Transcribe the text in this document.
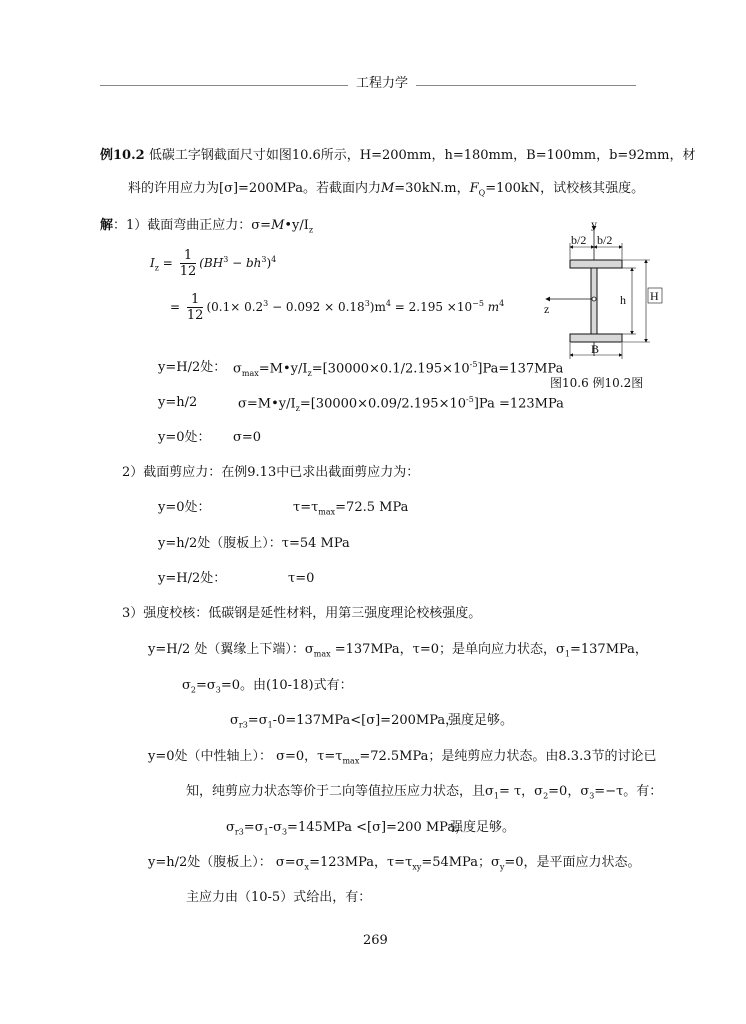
工程力学
例10.2 低碳工字钢截面尺寸如图10.6所示，H=200mm，h=180mm，B=100mm，b=92mm，材
料的许用应力为[σ]=200MPa。若截面内力M=30kN.m，$F_Q=100kN$，试校核其强度。
解：1）截面弯曲正应力：$\sigma=M•y/I_z$
$I_z = \frac{1}{12} (BH^3 - bh^3)^4$
= $\frac{1}{12} (0.1\times 0.2^3 - 0.092 \times 0.18^3)m^4 = 2.195 \times 10^{-5}$ $m^4$
y=H/2处： $\sigma_{max}=M•y/I_z=[30000\times 0.1/2.195\times 10^{-5}]Pa=137MPa$
y=h/2	$\sigma=M•y/I_z=[30000\times 0.09/2.195\times 10^{-5}]Pa =123MPa$
y=0处： σ=0
2）截面剪应力：在例9.13中已求出截面剪应力为：
y=0处：	$\tau=\tau_{max}=72.5$ MPa
y=h/2处（腹板上）：τ=54 MPa
y=H/2处：	τ=0
3）强度校核：低碳钢是延性材料，用第三强度理论校核强度。
y=H/2 处（翼缘上下端）：$\sigma_{max} =137MPa$，τ=0；是单向应力状态，$\sigma_1=137MPa$，
$\sigma_2=\sigma_3=0$。由(10-18)式有：
$\sigma_{r3}=\sigma_1-0=137MPa<[\sigma]=200MPa$，
强度足够。
y=0处（中性轴上）： σ=0，$\tau=\tau_{max}=72.5MPa$；是纯剪应力状态。由8.3.3节的讨论已
知，纯剪应力状态等价于二向等值拉压应力状态，且$\sigma_1= \tau$，$\sigma_2=0$，$\sigma_3=-\tau$。有：
$\sigma_{r3}=\sigma_1-\sigma_3=145MPa <[\sigma]=200$ MPa，
强度足够。
y=h/2处（腹板上）： $\sigma=\sigma_x=123MPa$，$\tau=\tau_{xy}=54MPa$；$\sigma_y=0$，是平面应力状态。
主应力由（10-5）式给出，有：
y
z
b/2 b/2
h H
B
图10.6 例10.2图
269
